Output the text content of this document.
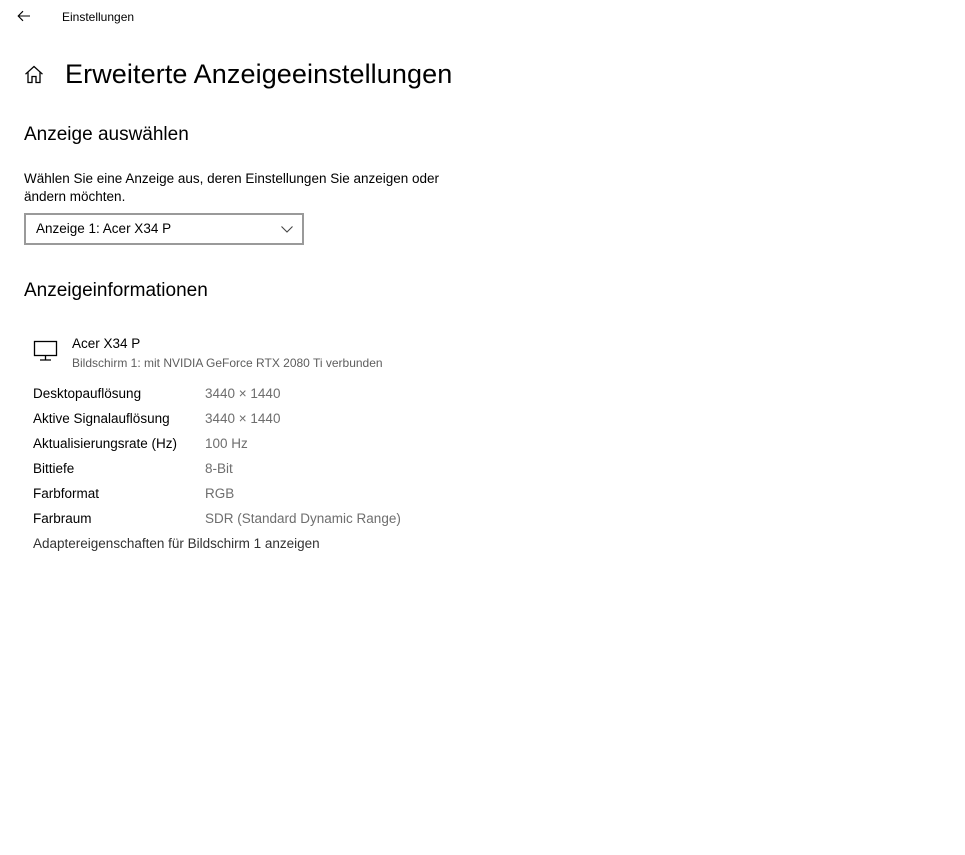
Einstellungen
Erweiterte Anzeigeeinstellungen
Anzeige auswählen
Wählen Sie eine Anzeige aus, deren Einstellungen Sie anzeigen oder ändern möchten.
Anzeige 1: Acer X34 P
Anzeigeinformationen
Acer X34 P
Bildschirm 1: mit NVIDIA GeForce RTX 2080 Ti verbunden
Desktopauflösung	3440 × 1440
Aktive Signalauflösung	3440 × 1440
Aktualisierungsrate (Hz) 100 Hz
Bittiefe	8-Bit
Farbformat	RGB
Farbraum	SDR (Standard Dynamic Range)
Adaptereigenschaften für Bildschirm 1 anzeigen
